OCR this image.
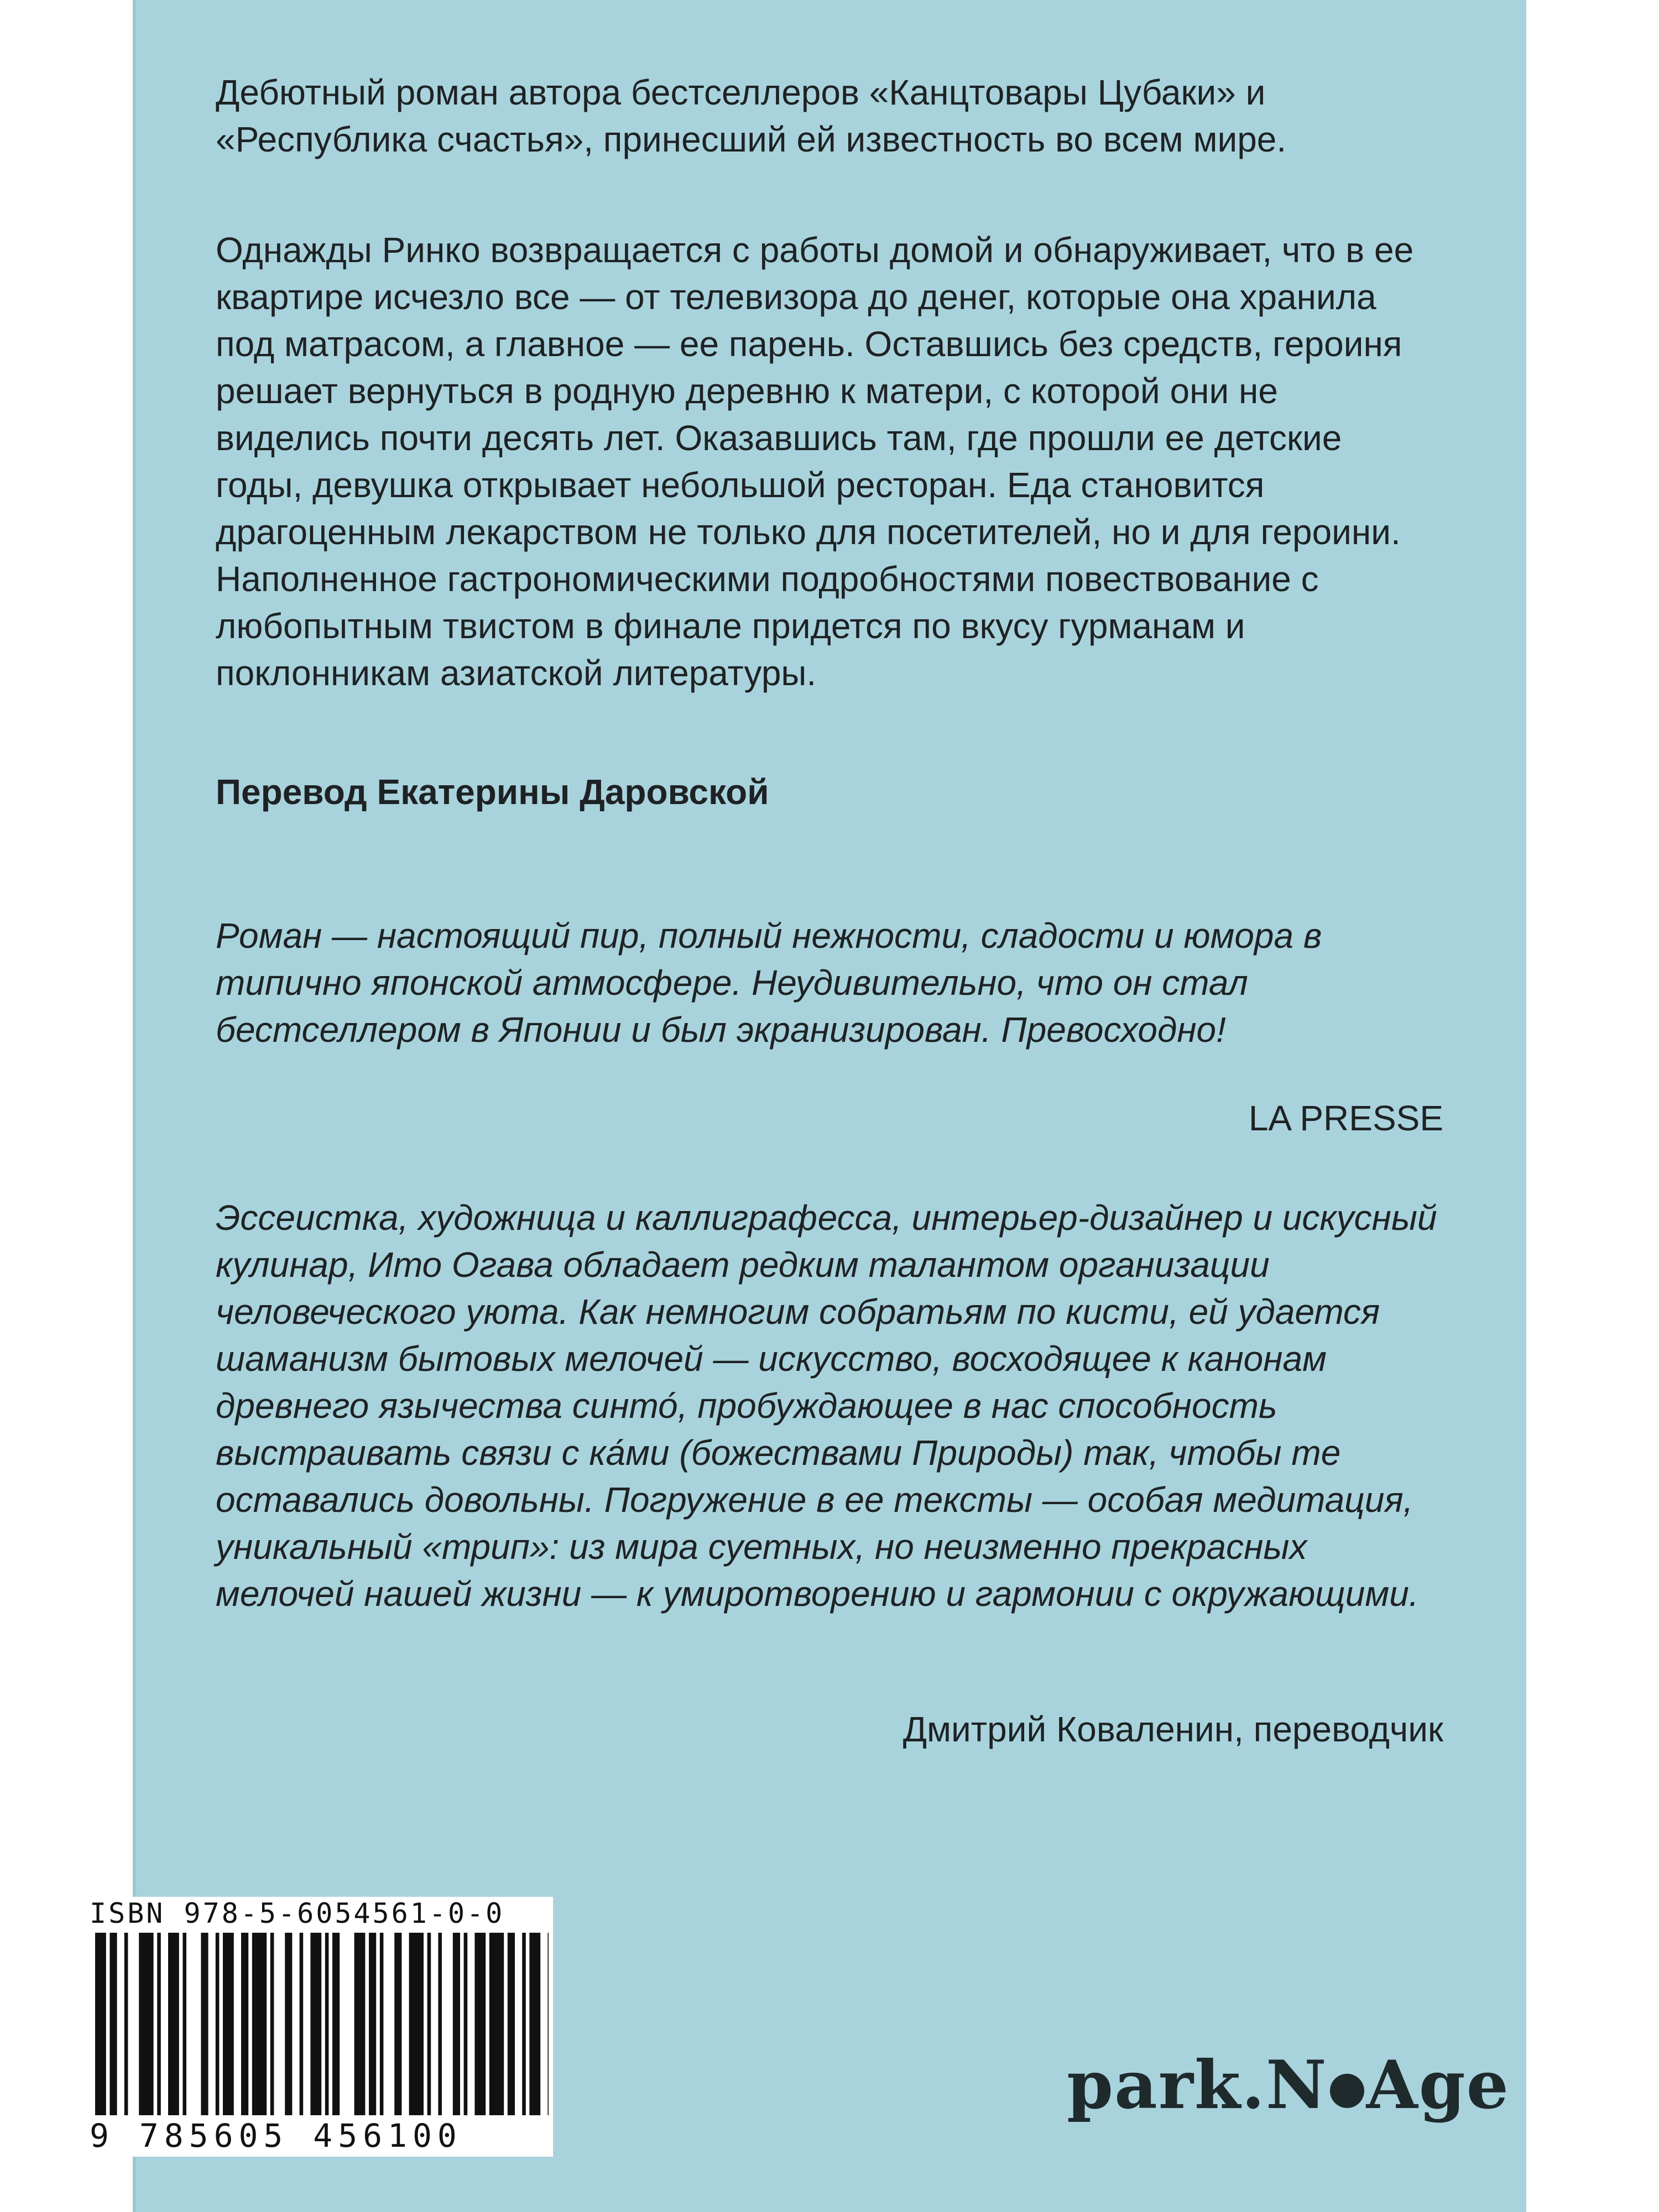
Дебютный роман автора бестселлеров «Канцтовары Цубаки» и «Республика счастья», принесший ей известность во всем мире.

Однажды Ринко возвращается с работы домой и обнаруживает, что в ее квартире исчезло все — от телевизора до денег, которые она хранила под матрасом, а главное — ее парень. Оставшись без средств, героиня решает вернуться в родную деревню к матери, с которой они не виделись почти десять лет. Оказавшись там, где прошли ее детские годы, девушка открывает небольшой ресторан. Еда становится драгоценным лекарством не только для посетителей, но и для героини. Наполненное гастрономическими подробностями повествование с любопытным твистом в финале придется по вкусу гурманам и поклонникам азиатской литературы.

Перевод Екатерины Даровской

Роман — настоящий пир, полный нежности, сладости и юмора в типично японской атмосфере. Неудивительно, что он стал бестселлером в Японии и был экранизирован. Превосходно!

LA PRESSE

Эссеистка, художница и каллиграфесса, интерьер-дизайнер и искусный кулинар, Ито Огава обладает редким талантом организации человеческого уюта. Как немногим собратьям по кисти, ей удается шаманизм бытовых мелочей — искусство, восходящее к канонам древнего язычества синто́, пробуждающее в нас способность выстраивать связи с ка́ми (божествами Природы) так, чтобы те оставались довольны. Погружение в ее тексты — особая медитация, уникальный «трип»: из мира суетных, но неизменно прекрасных мелочей нашей жизни — к умиротворению и гармонии с окружающими.

Дмитрий Коваленин, переводчик
ISBN 978-5-6054561-0-0
9 785605 456100
park.N Age
